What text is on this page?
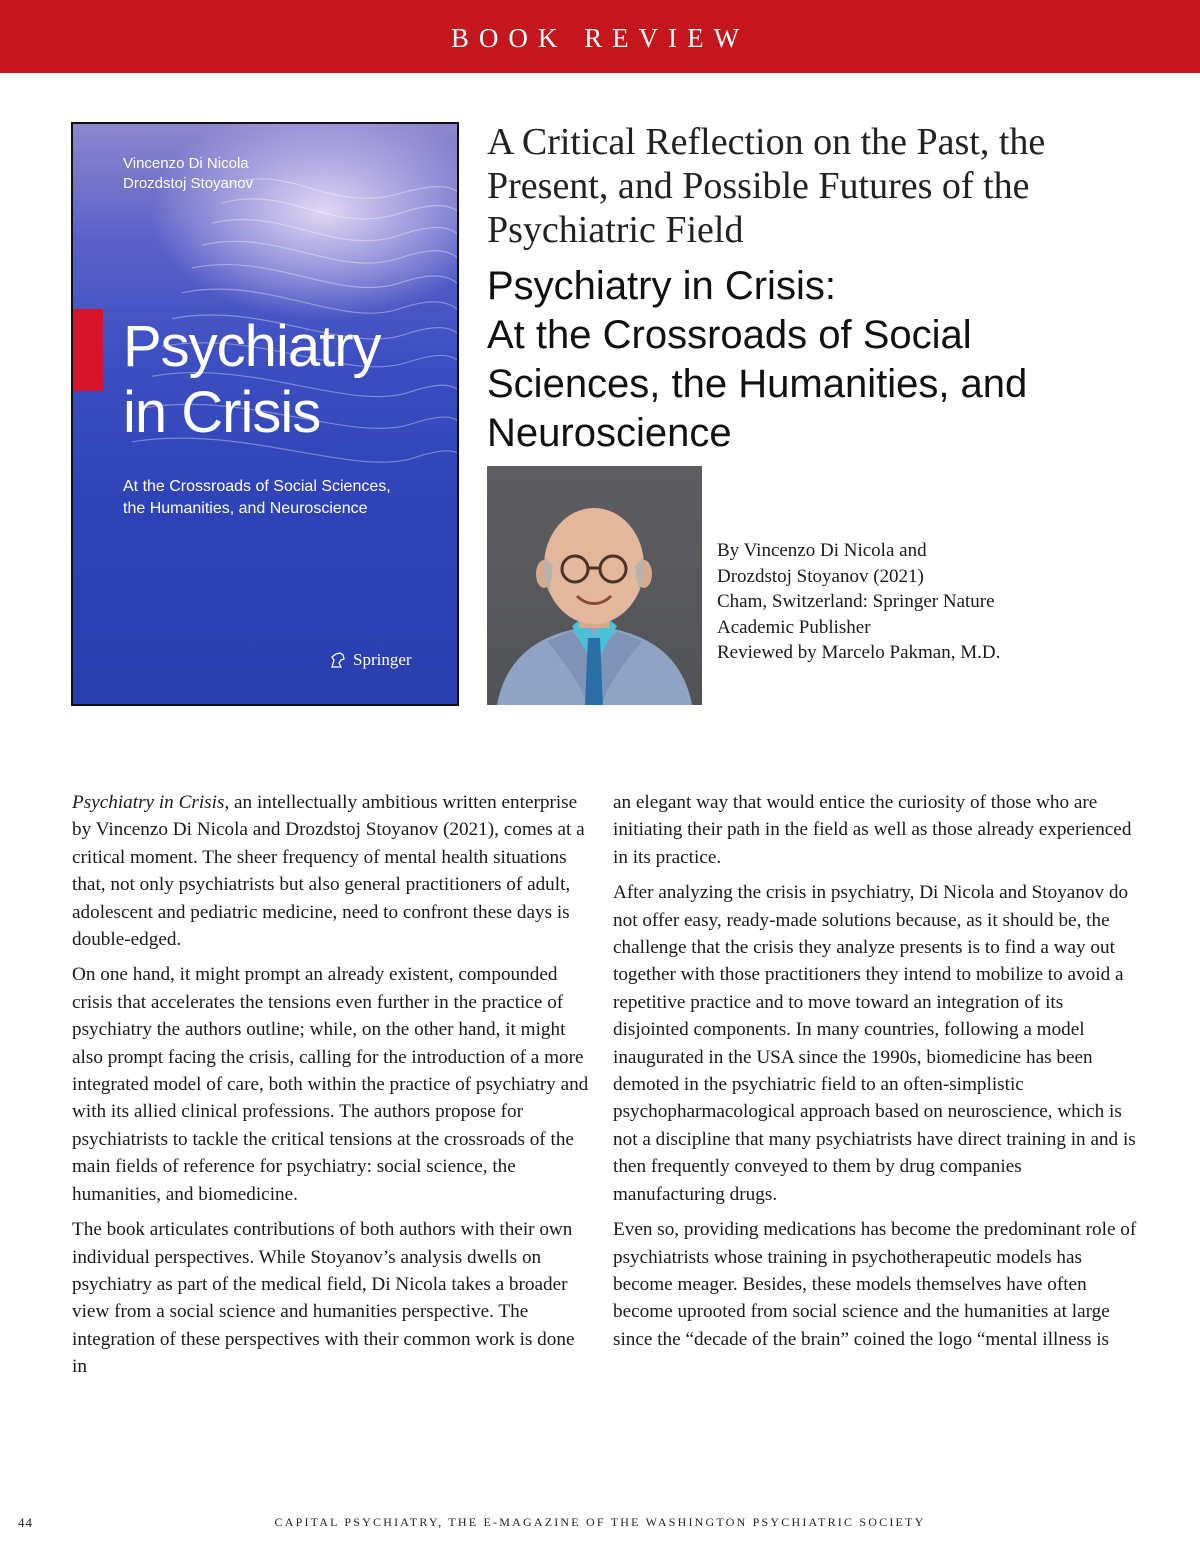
BOOK REVIEW
Vincenzo Di Nicola
Drozdstoj Stoyanov
Psychiatry
in Crisis
At the Crossroads of Social Sciences,
the Humanities, and Neuroscience
Springer
A Critical Reflection on the Past, the
Present, and Possible Futures of the
Psychiatric Field
Psychiatry in Crisis:
At the Crossroads of Social
Sciences, the Humanities, and
Neuroscience
By Vincenzo Di Nicola and
Drozdstoj Stoyanov (2021)
Cham, Switzerland: Springer Nature
Academic Publisher
Reviewed by Marcelo Pakman, M.D.

Psychiatry in Crisis, an intellectually ambitious written enterprise by Vincenzo Di Nicola and Drozdstoj Stoyanov (2021), comes at a critical moment. The sheer frequency of mental health situations that, not only psychiatrists but also general practitioners of adult, adolescent and pediatric medicine, need to confront these days is double-edged.

On one hand, it might prompt an already existent, compounded crisis that accelerates the tensions even further in the practice of psychiatry the authors outline; while, on the other hand, it might also prompt facing the crisis, calling for the introduction of a more integrated model of care, both within the practice of psychiatry and with its allied clinical professions. The authors propose for psychiatrists to tackle the critical tensions at the crossroads of the main fields of reference for psychiatry: social science, the humanities, and biomedicine.

The book articulates contributions of both authors with their own individual perspectives. While Stoyanov’s analysis dwells on psychiatry as part of the medical field, Di Nicola takes a broader view from a social science and humanities perspective. The integration of these perspectives with their common work is done in

an elegant way that would entice the curiosity of those who are initiating their path in the field as well as those already experienced in its practice.

After analyzing the crisis in psychiatry, Di Nicola and Stoyanov do not offer easy, ready-made solutions because, as it should be, the challenge that the crisis they analyze presents is to find a way out together with those practitioners they intend to mobilize to avoid a repetitive practice and to move toward an integration of its disjointed components. In many countries, following a model inaugurated in the USA since the 1990s, biomedicine has been demoted in the psychiatric field to an often-simplistic psychopharmacological approach based on neuroscience, which is not a discipline that many psychiatrists have direct training in and is then frequently conveyed to them by drug companies manufacturing drugs.

Even so, providing medications has become the predominant role of psychiatrists whose training in psychotherapeutic models has become meager. Besides, these models themselves have often become uprooted from social science and the humanities at large since the “decade of the brain” coined the logo “mental illness is

CAPITAL PSYCHIATRY, THE E-MAGAZINE OF THE WASHINGTON PSYCHIATRIC SOCIETY
44
